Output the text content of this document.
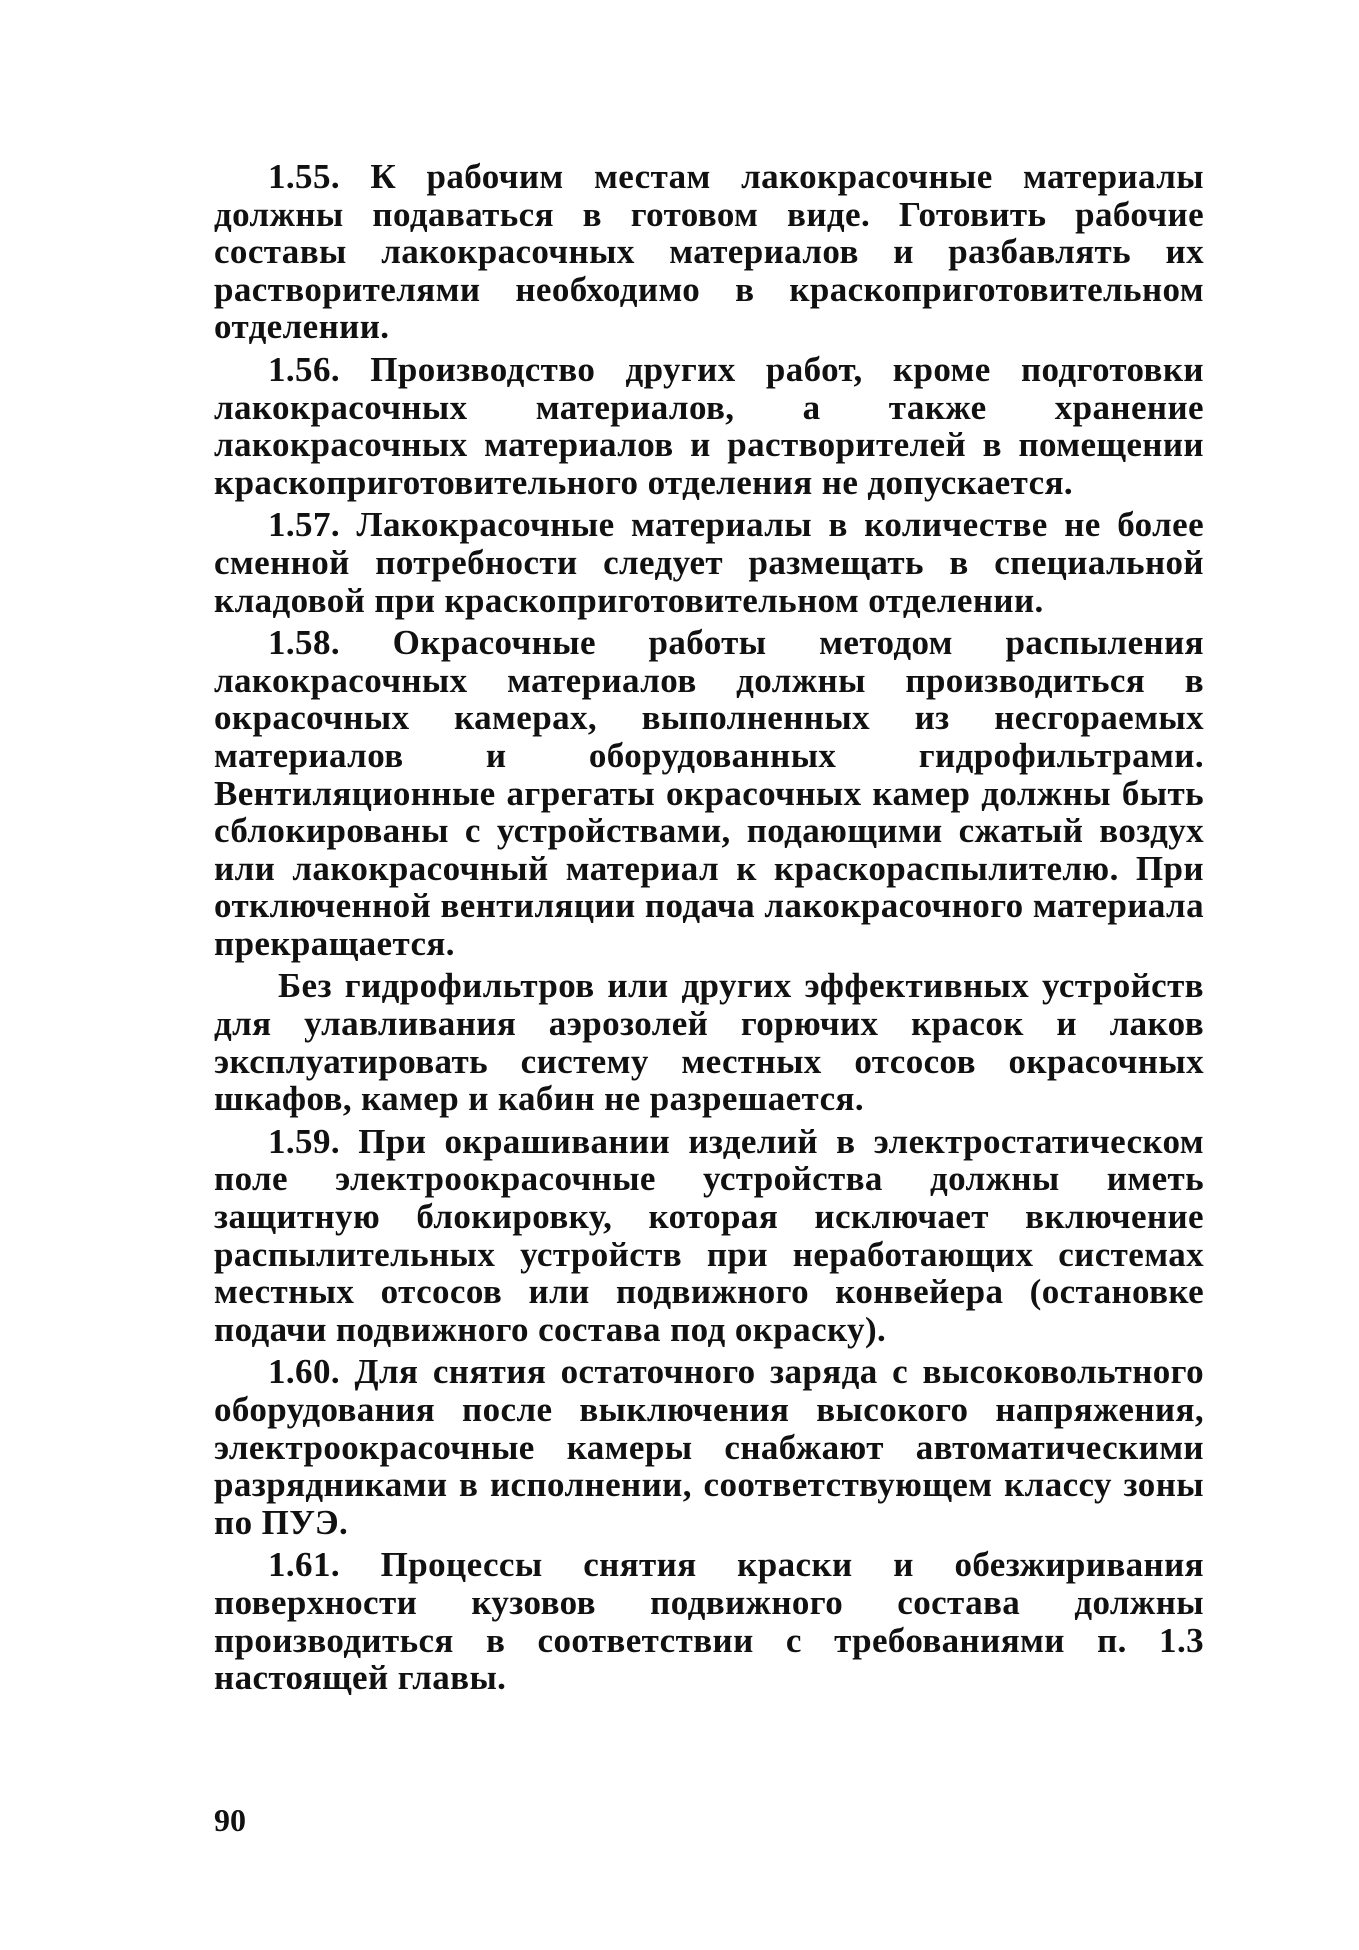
1.55. К рабочим местам лакокрасочные материалы должны подаваться в готовом виде. Готовить рабочие составы лакокрасочных материалов и разбавлять их растворителями необходимо в краскоприготовительном отделении.

1.56. Производство других работ, кроме подготовки лакокрасочных материалов, а также хранение лакокрасочных материалов и растворителей в помещении краскоприготовительного отделения не допускается.

1.57. Лакокрасочные материалы в количестве не более сменной потребности следует размещать в специальной кладовой при краскоприготовительном отделении.

1.58. Окрасочные работы методом распыления лакокрасочных материалов должны производиться в окрасочных камерах, выполненных из несгораемых материалов и оборудованных гидрофильтрами. Вентиляционные агрегаты окрасочных камер должны быть сблокированы с устройствами, подающими сжатый воздух или лакокрасочный материал к краскораспылителю. При отключенной вентиляции подача лакокрасочного материала прекращается.

Без гидрофильтров или других эффективных устройств для улавливания аэрозолей горючих красок и лаков эксплуатировать систему местных отсосов окрасочных шкафов, камер и кабин не разрешается.

1.59. При окрашивании изделий в электростатическом поле электроокрасочные устройства должны иметь защитную блокировку, которая исключает включение распылительных устройств при неработающих системах местных отсосов или подвижного конвейера (остановке подачи подвижного состава под окраску).

1.60. Для снятия остаточного заряда с высоковольтного оборудования после выключения высокого напряжения, электроокрасочные камеры снабжают автоматическими разрядниками в исполнении, соответствующем классу зоны по ПУЭ.

1.61. Процессы снятия краски и обезжиривания поверхности кузовов подвижного состава должны производиться в соответствии с требованиями п. 1.3 настоящей главы.

90
